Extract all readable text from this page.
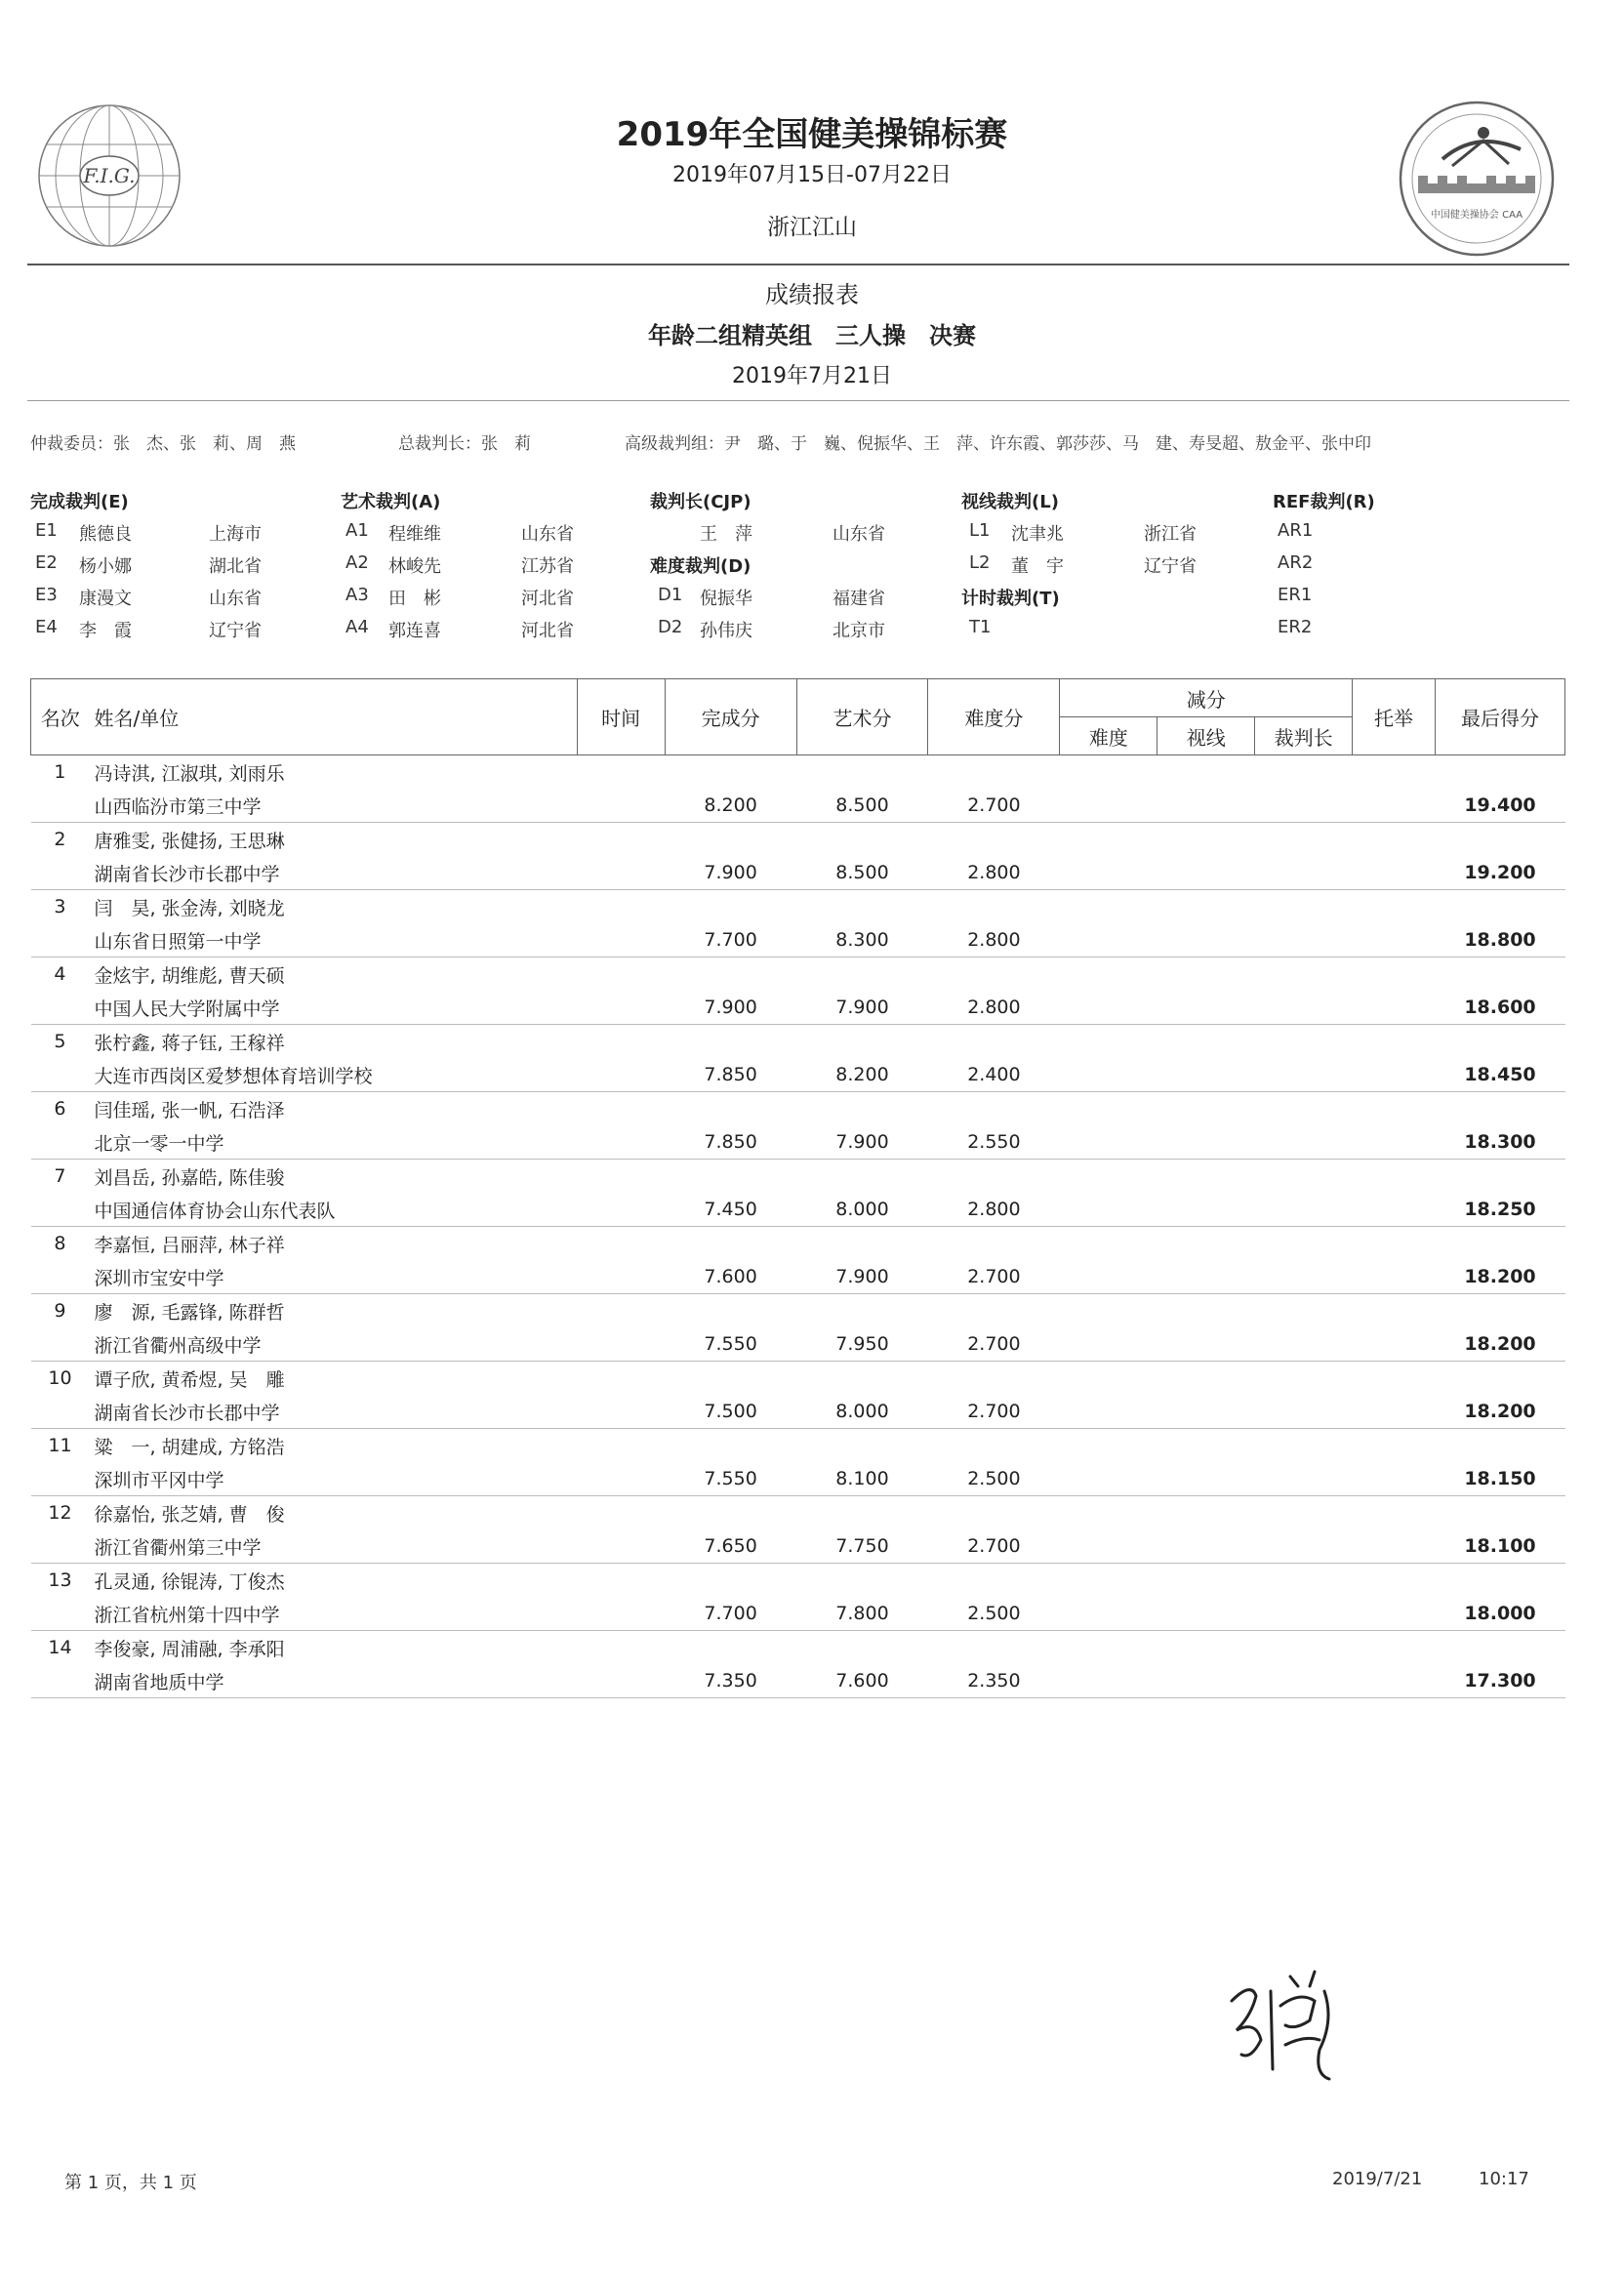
F.I.G.
中国健美操协会 CAA
2019年全国健美操锦标赛
2019年07月15日-07月22日
浙江江山
成绩报表
年龄二组精英组　三人操　决赛
2019年7月21日
仲裁委员：张　杰、张　莉、周　燕	总裁判长：张　莉	高级裁判组：尹　璐、于　巍、倪振华、王　萍、许东霞、郭莎莎、马　建、寿旻超、敖金平、张中印
完成裁判(E)
E1 熊德良	上海市
E2 杨小娜	湖北省
E3 康漫文	山东省
E4 李　霞	辽宁省
艺术裁判(A)
A1 程维维	山东省
A2 林峻先	江苏省
A3 田　彬	河北省
A4 郭连喜	河北省
裁判长(CJP)
王　萍	山东省
难度裁判(D)
D1 倪振华	福建省
D2 孙伟庆	北京市
视线裁判(L)
L1 沈聿兆	浙江省
L2 董　宇	辽宁省
计时裁判(T)
T1
REF裁判(R)
AR1
AR2
ER1
ER2
名次	姓名/单位	时间	完成分	艺术分	难度分	减分			托举	最后得分
						难度	视线	裁判长		
1	冯诗淇, 江淑琪, 刘雨乐									
	山西临汾市第三中学		8.200	8.500	2.700					19.400
2	唐雅雯, 张健扬, 王思琳									
	湖南省长沙市长郡中学		7.900	8.500	2.800					19.200
3	闫　昊, 张金涛, 刘晓龙									
	山东省日照第一中学		7.700	8.300	2.800					18.800
4	金炫宇, 胡维彪, 曹天硕									
	中国人民大学附属中学		7.900	7.900	2.800					18.600
5	张柠鑫, 蒋子钰, 王稼祥									
	大连市西岗区爱梦想体育培训学校		7.850	8.200	2.400					18.450
6	闫佳瑶, 张一帆, 石浩泽									
	北京一零一中学		7.850	7.900	2.550					18.300
7	刘昌岳, 孙嘉皓, 陈佳骏									
	中国通信体育协会山东代表队		7.450	8.000	2.800					18.250
8	李嘉恒, 吕丽萍, 林子祥									
	深圳市宝安中学		7.600	7.900	2.700					18.200
9	廖　源, 毛露锋, 陈群哲									
	浙江省衢州高级中学		7.550	7.950	2.700					18.200
10	谭子欣, 黄希煜, 吴　雕									
	湖南省长沙市长郡中学		7.500	8.000	2.700					18.200
11	粱　一, 胡建成, 方铭浩									
	深圳市平冈中学		7.550	8.100	2.500					18.150
12	徐嘉怡, 张芝婧, 曹　俊									
	浙江省衢州第三中学		7.650	7.750	2.700					18.100
13	孔灵通, 徐锟涛, 丁俊杰									
	浙江省杭州第十四中学		7.700	7.800	2.500					18.000
14	李俊豪, 周浦融, 李承阳									
	湖南省地质中学		7.350	7.600	2.350					17.300
第 1 页，共 1 页	2019/7/21	10:17
